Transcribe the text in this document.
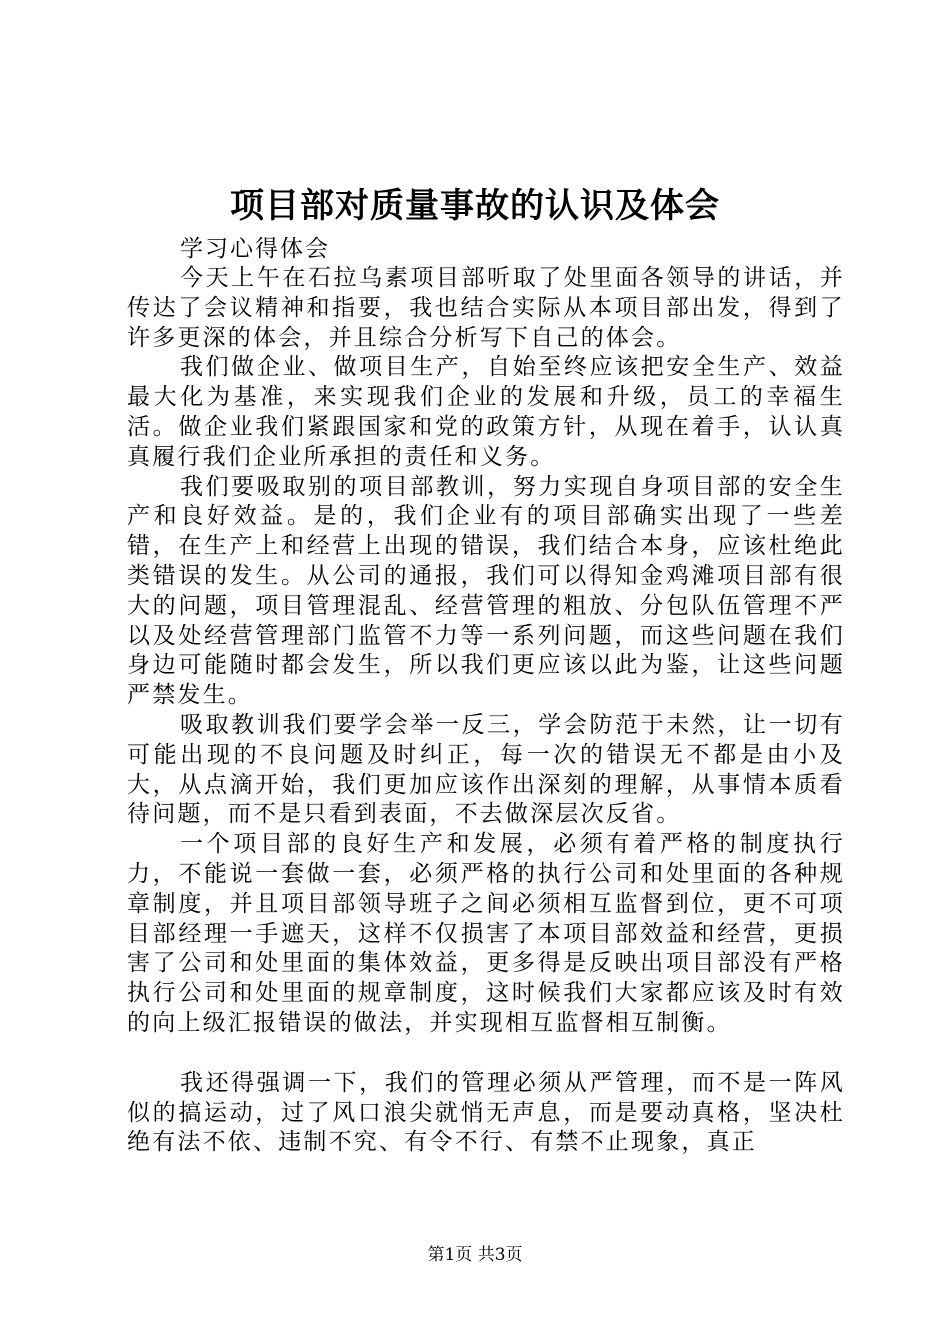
项目部对质量事故的认识及体会

学习心得体会

今天上午在石拉乌素项目部听取了处里面各领导的讲话，并传达了会议精神和指要，我也结合实际从本项目部出发，得到了许多更深的体会，并且综合分析写下自己的体会。

我们做企业、做项目生产，自始至终应该把安全生产、效益最大化为基准，来实现我们企业的发展和升级，员工的幸福生活。做企业我们紧跟国家和党的政策方针，从现在着手，认认真真履行我们企业所承担的责任和义务。

我们要吸取别的项目部教训，努力实现自身项目部的安全生产和良好效益。是的，我们企业有的项目部确实出现了一些差错，在生产上和经营上出现的错误，我们结合本身，应该杜绝此类错误的发生。从公司的通报，我们可以得知金鸡滩项目部有很大的问题，项目管理混乱、经营管理的粗放、分包队伍管理不严以及处经营管理部门监管不力等一系列问题，而这些问题在我们身边可能随时都会发生，所以我们更应该以此为鉴，让这些问题严禁发生。

吸取教训我们要学会举一反三，学会防范于未然，让一切有可能出现的不良问题及时纠正，每一次的错误无不都是由小及大，从点滴开始，我们更加应该作出深刻的理解，从事情本质看待问题，而不是只看到表面，不去做深层次反省。

一个项目部的良好生产和发展，必须有着严格的制度执行力，不能说一套做一套，必须严格的执行公司和处里面的各种规章制度，并且项目部领导班子之间必须相互监督到位，更不可项目部经理一手遮天，这样不仅损害了本项目部效益和经营，更损害了公司和处里面的集体效益，更多得是反映出项目部没有严格执行公司和处里面的规章制度，这时候我们大家都应该及时有效的向上级汇报错误的做法，并实现相互监督相互制衡。

我还得强调一下，我们的管理必须从严管理，而不是一阵风似的搞运动，过了风口浪尖就悄无声息，而是要动真格，坚决杜绝有法不依、违制不究、有令不行、有禁不止现象，真正

第1页 共3页
